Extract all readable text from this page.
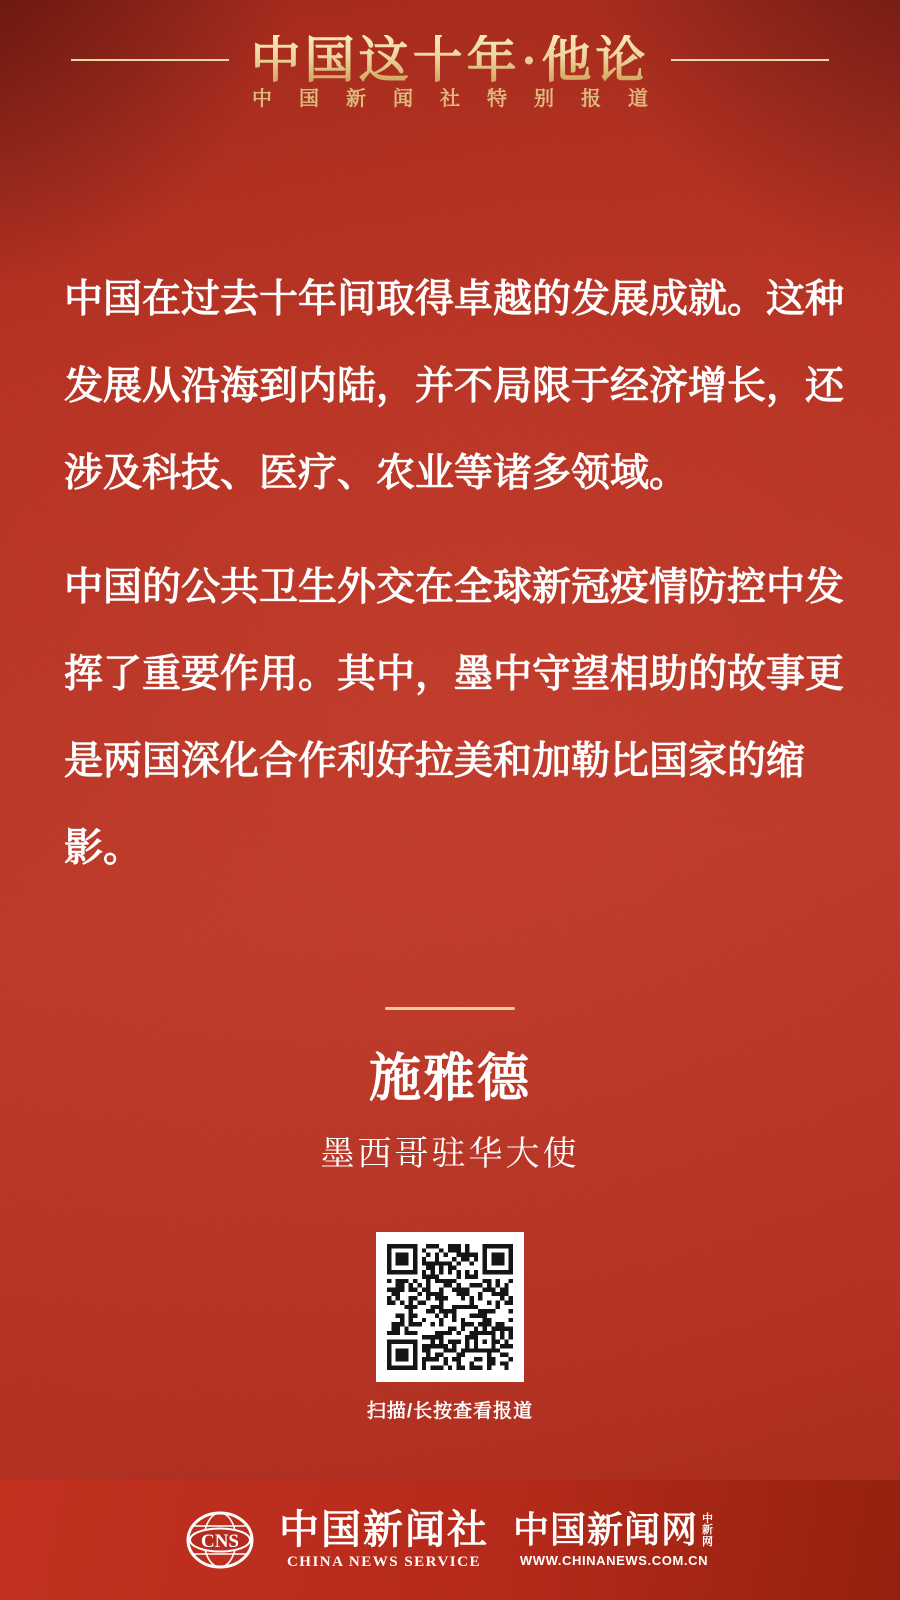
中国这十年·他论
中国新闻社特别报道

中国在过去十年间取得卓越的发展成就。这种
发展从沿海到内陆，并不局限于经济增长，还
涉及科技、医疗、农业等诸多领域。

中国的公共卫生外交在全球新冠疫情防控中发
挥了重要作用。其中，墨中守望相助的故事更
是两国深化合作利好拉美和加勒比国家的缩
影。

施雅德
墨西哥驻华大使
扫描/长按查看报道
CNS 中国新闻社
CHINA NEWS SERVICE
中国新闻网 中新网
WWW.CHINANEWS.COM.CN
